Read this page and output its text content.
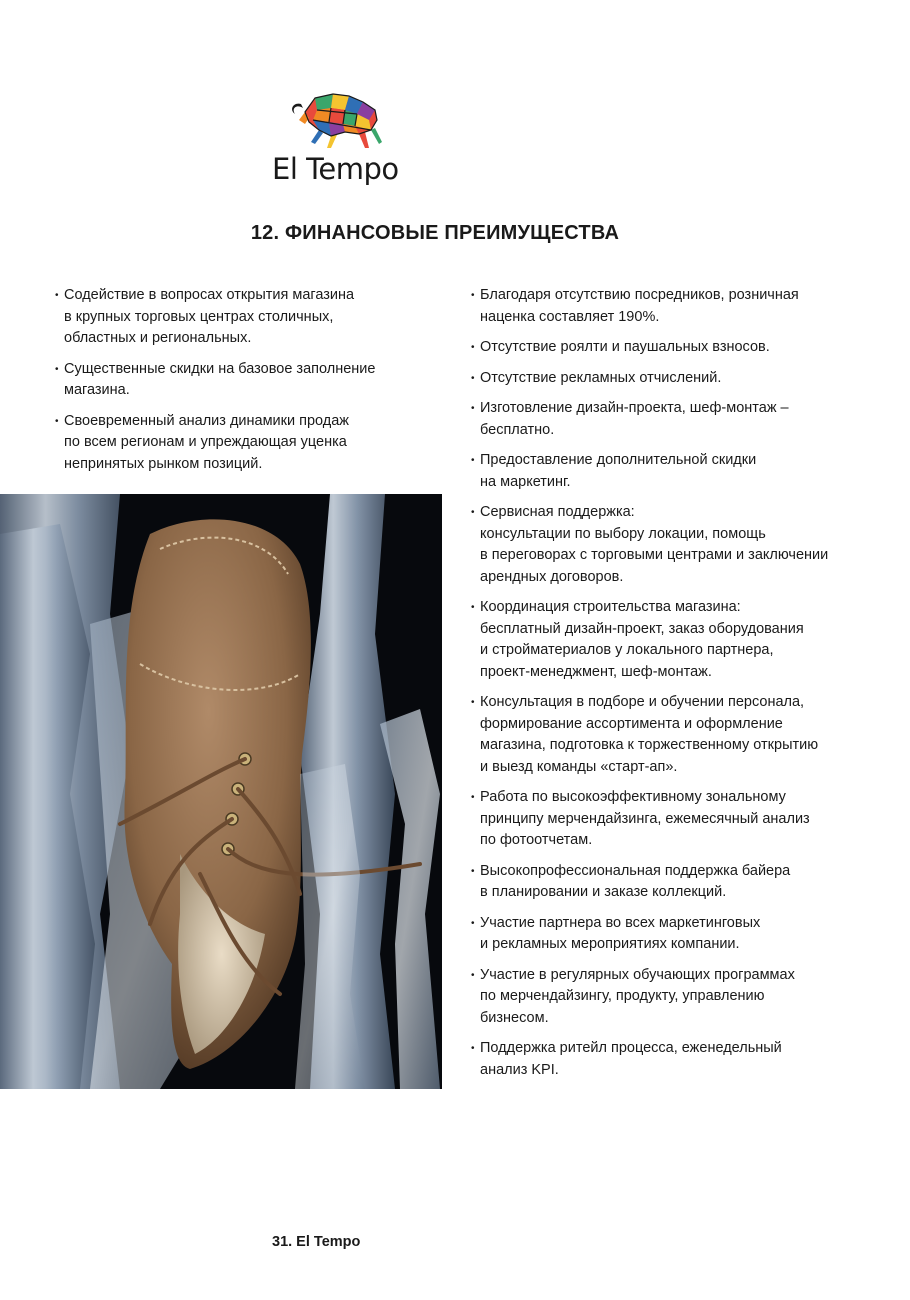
El Tempo
12. ФИНАНСОВЫЕ ПРЕИМУЩЕСТВА
• Содействие в вопросах открытия магазина
в крупных торговых центрах столичных,
областных и региональных.
• Существенные скидки на базовое заполнение
магазина.
• Своевременный анализ динамики продаж
по всем регионам и упреждающая уценка
непринятых рынком позиций.
• Благодаря отсутствию посредников, розничная
наценка составляет 190%.
• Отсутствие роялти и паушальных взносов.
• Отсутствие рекламных отчислений.
• Изготовление дизайн-проекта, шеф-монтаж –
бесплатно.
• Предоставление дополнительной скидки
на маркетинг.
• Сервисная поддержка:
консультации по выбору локации, помощь
в переговорах с торговыми центрами и заключении
арендных договоров.
• Координация строительства магазина:
бесплатный дизайн-проект, заказ оборудования
и стройматериалов у локального партнера,
проект-менеджмент, шеф-монтаж.
• Консультация в подборе и обучении персонала,
формирование ассортимента и оформление
магазина, подготовка к торжественному открытию
и выезд команды «старт-ап».
• Работа по высокоэффективному зональному
принципу мерчендайзинга, ежемесячный анализ
по фотоотчетам.
• Высокопрофессиональная поддержка байера
в планировании и заказе коллекций.
• Участие партнера во всех маркетинговых
и рекламных мероприятиях компании.
• Участие в регулярных обучающих программах
по мерчендайзингу, продукту, управлению
бизнесом.
• Поддержка ритейл процесса, еженедельный
анализ KPI.
31. El Tempo
